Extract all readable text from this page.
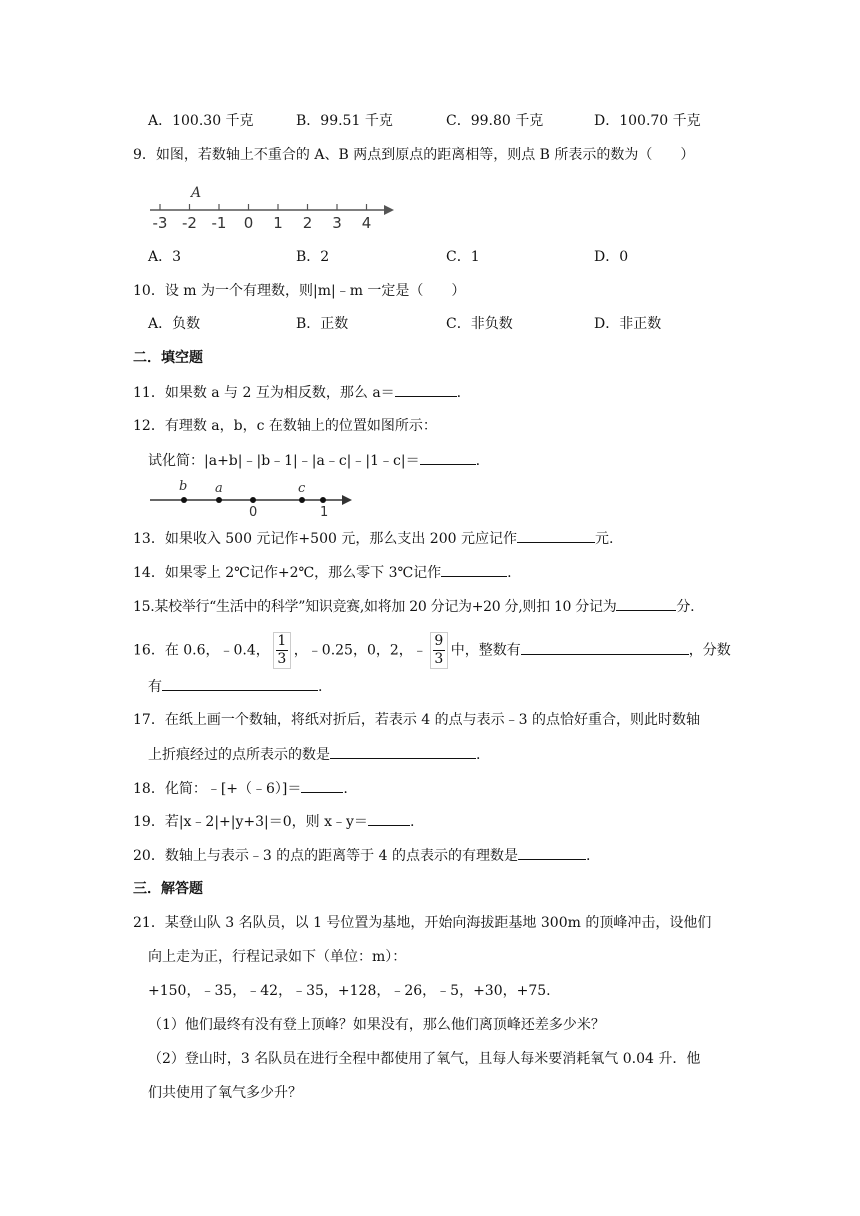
A．100.30 千克	B．99.51 千克	C．99.80 千克	D．100.70 千克
9．如图，若数轴上不重合的 A、B 两点到原点的距离相等，则点 B 所表示的数为（　　）
-3 -2 -1 0 1 2 3 4
A
A．3	B．2	C．1	D．0
10．设 m 为一个有理数，则|m|﹣m 一定是（　　）
A．负数	B．正数	C．非负数	D．非正数
二．填空题
11．如果数 a 与 2 互为相反数，那么 a＝	.
12．有理数 a，b，c 在数轴上的位置如图所示：
试化简：|a+b|﹣|b﹣1|﹣|a﹣c|﹣|1﹣c|＝	.
b a
0
c
1
13．如果收入 500 元记作+500 元，那么支出 200 元应记作	元.
14．如果零上 2℃记作+2℃，那么零下 3℃记作	.
15.某校举行“生活中的科学”知识竞赛,如将加 20 分记为+20 分,则扣 10 分记为	分.
16．在 0.6，﹣0.4， $\frac{1}{3}$ ，﹣0.25，0，2，﹣ $\frac{9}{3}$ 中，整数有	，分数
有	.
17．在纸上画一个数轴，将纸对折后，若表示 4 的点与表示﹣3 的点恰好重合，则此时数轴
上折痕经过的点所表示的数是	.
18．化简：﹣[+（﹣6）]＝	.
19．若|x﹣2|+|y+3|＝0，则 x﹣y＝	.
20．数轴上与表示﹣3 的点的距离等于 4 的点表示的有理数是	.
三．解答题
21．某登山队 3 名队员，以 1 号位置为基地，开始向海拔距基地 300m 的顶峰冲击，设他们
向上走为正，行程记录如下（单位：m）：
+150，﹣35，﹣42，﹣35，+128，﹣26，﹣5，+30，+75.
（1）他们最终有没有登上顶峰？如果没有，那么他们离顶峰还差多少米？
（2）登山时，3 名队员在进行全程中都使用了氧气，且每人每米要消耗氧气 0.04 升．他
们共使用了氧气多少升？
